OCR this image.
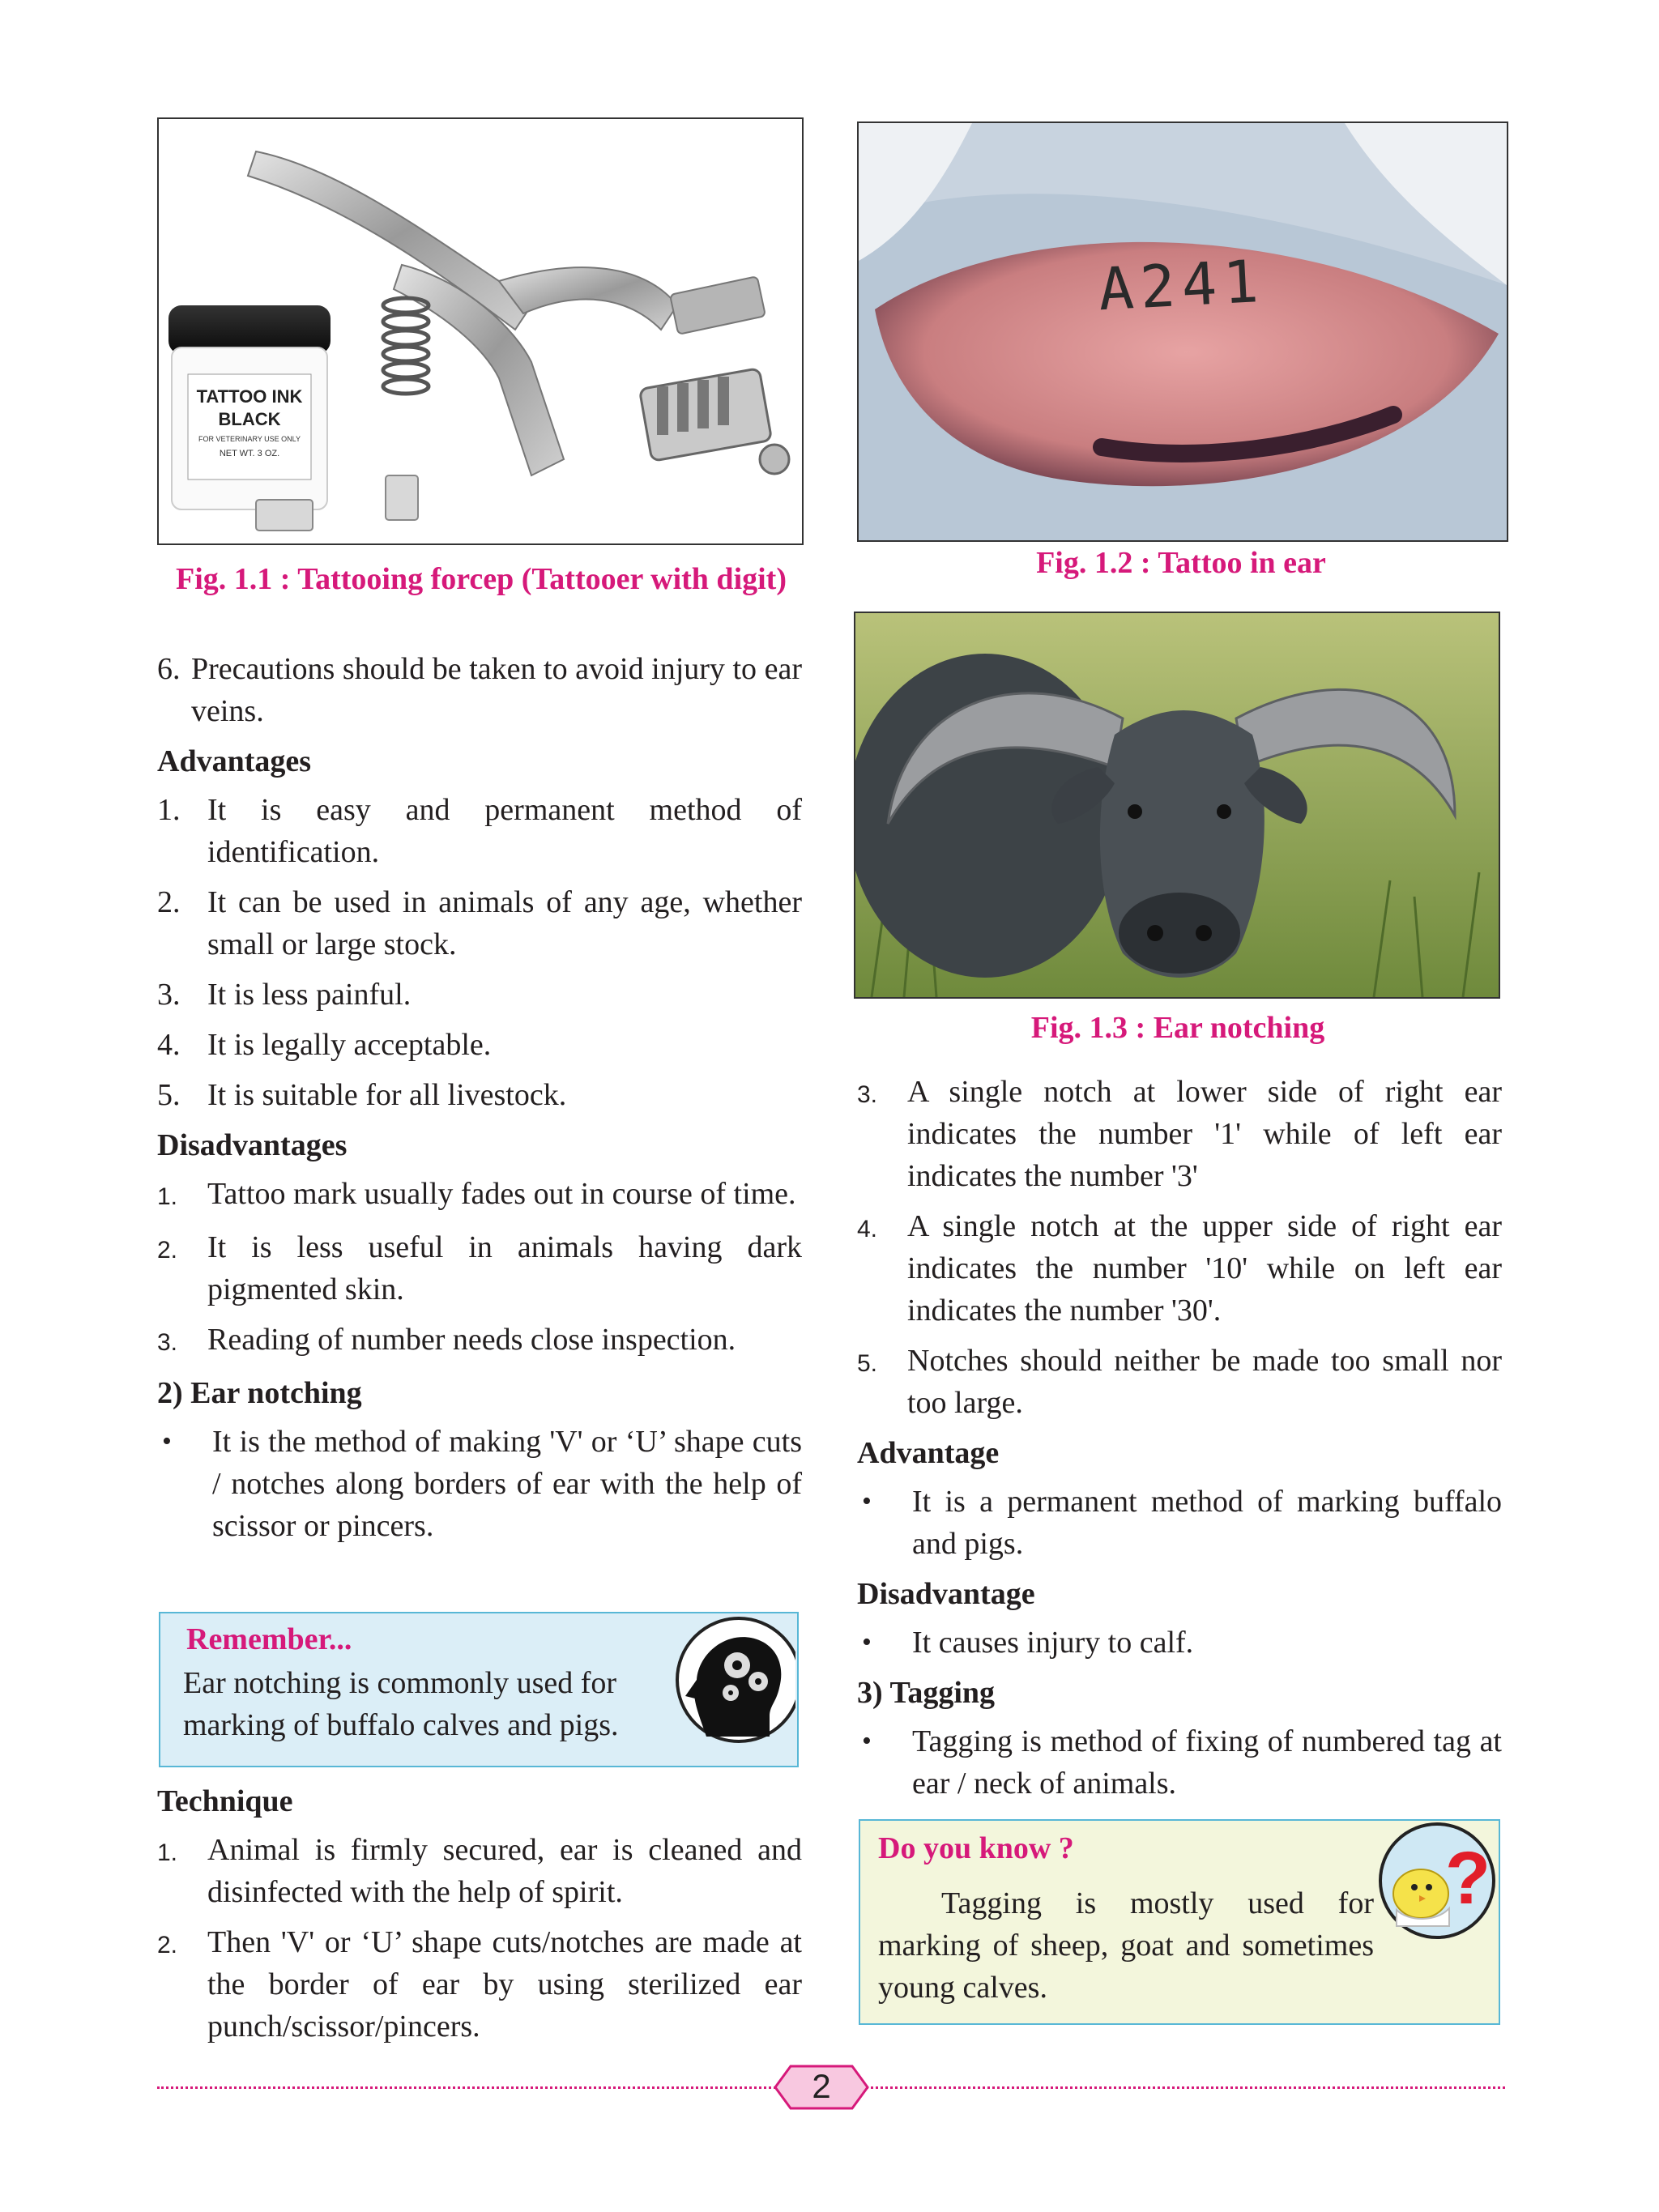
TATTOO INK
BLACK
FOR VETERINARY USE ONLY
NET WT. 3 OZ.
Fig. 1.1 : Tattooing forcep (Tattooer with digit)
A241
Fig. 1.2 : Tattoo in ear
Fig. 1.3 : Ear notching
6. Precautions should be taken to avoid injury to ear veins.

Advantages

1. It is easy and permanent method of identification.
2. It can be used in animals of any age, whether small or large stock.
3. It is less painful.
4. It is legally acceptable.
5. It is suitable for all livestock.

Disadvantages

1. Tattoo mark usually fades out in course of time.
2. It is less useful in animals having dark pigmented skin.
3. Reading of number needs close inspection.

2) Ear notching

•	It is the method of making 'V' or ‘U’ shape cuts / notches along borders of ear with the help of scissor or pincers.
Remember...
Ear notching is commonly used for marking of buffalo calves and pigs.

Technique

1. Animal is firmly secured, ear is cleaned and disinfected with the help of spirit.
2. Then 'V' or ‘U’ shape cuts/notches are made at the border of ear by using sterilized ear punch/scissor/pincers.
3. A single notch at lower side of right ear indicates the number '1' while of left ear indicates the number '3'
4. A single notch at the upper side of right ear indicates the number '10' while on left ear indicates the number '30'.
5. Notches should neither be made too small nor too large.

Advantage

•	It is a permanent method of marking buffalo and pigs.

Disadvantage

•	It causes injury to calf.

3) Tagging

•	Tagging is method of fixing of numbered tag at ear / neck of animals.
Do you know ?
Tagging is mostly used for marking of sheep, goat and sometimes young calves.
?
2
